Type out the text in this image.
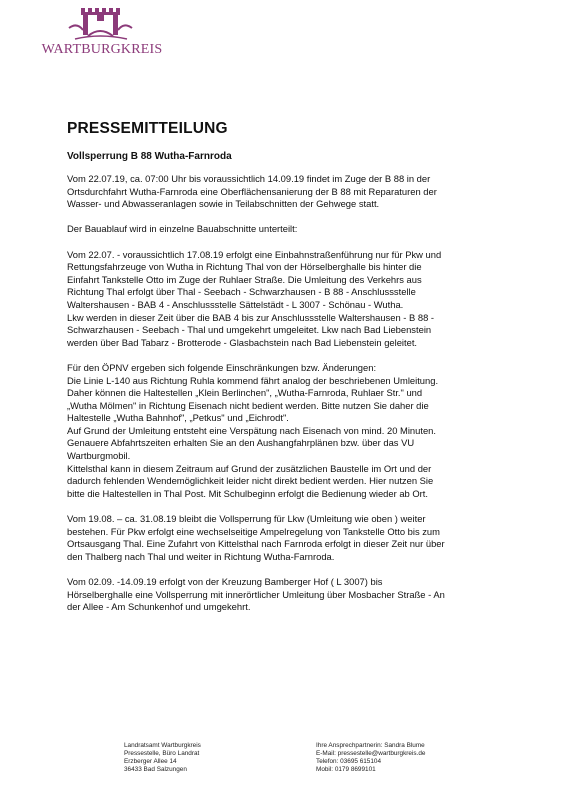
WARTBURGKREIS
PRESSEMITTEILUNG
Vollsperrung B 88 Wutha-Farnroda
Vom 22.07.19, ca. 07:00 Uhr bis voraussichtlich 14.09.19 findet im Zuge der B 88 in der
Ortsdurchfahrt Wutha-Farnroda eine Oberflächensanierung der B 88 mit Reparaturen der
Wasser- und Abwasseranlagen sowie in Teilabschnitten der Gehwege statt.
Der Bauablauf wird in einzelne Bauabschnitte unterteilt:
Vom 22.07. - voraussichtlich 17.08.19 erfolgt eine Einbahnstraßenführung nur für Pkw und
Rettungsfahrzeuge von Wutha in Richtung Thal von der Hörselberghalle bis hinter die
Einfahrt Tankstelle Otto im Zuge der Ruhlaer Straße. Die Umleitung des Verkehrs aus
Richtung Thal erfolgt über Thal - Seebach - Schwarzhausen - B 88 - Anschlussstelle
Waltershausen - BAB 4 - Anschlussstelle Sättelstädt - L 3007 - Schönau - Wutha.
Lkw werden in dieser Zeit über die BAB 4 bis zur Anschlussstelle Waltershausen - B 88 -
Schwarzhausen - Seebach - Thal und umgekehrt umgeleitet. Lkw nach Bad Liebenstein
werden über Bad Tabarz - Brotterode - Glasbachstein nach Bad Liebenstein geleitet.
Für den ÖPNV ergeben sich folgende Einschränkungen bzw. Änderungen:
Die Linie L-140 aus Richtung Ruhla kommend fährt analog der beschriebenen Umleitung.
Daher können die Haltestellen „Klein Berlinchen", „Wutha-Farnroda, Ruhlaer Str." und
„Wutha Mölmen" in Richtung Eisenach nicht bedient werden. Bitte nutzen Sie daher die
Haltestelle „Wutha Bahnhof", „Petkus" und „Eichrodt".
Auf Grund der Umleitung entsteht eine Verspätung nach Eisenach von mind. 20 Minuten.
Genauere Abfahrtszeiten erhalten Sie an den Aushangfahrplänen bzw. über das VU
Wartburgmobil.
Kittelsthal kann in diesem Zeitraum auf Grund der zusätzlichen Baustelle im Ort und der
dadurch fehlenden Wendemöglichkeit leider nicht direkt bedient werden. Hier nutzen Sie
bitte die Haltestellen in Thal Post. Mit Schulbeginn erfolgt die Bedienung wieder ab Ort.
Vom 19.08. – ca. 31.08.19 bleibt die Vollsperrung für Lkw (Umleitung wie oben ) weiter
bestehen. Für Pkw erfolgt eine wechselseitige Ampelregelung von Tankstelle Otto bis zum
Ortsausgang Thal. Eine Zufahrt von Kittelsthal nach Farnroda erfolgt in dieser Zeit nur über
den Thalberg nach Thal und weiter in Richtung Wutha-Farnroda.
Vom 02.09. -14.09.19 erfolgt von der Kreuzung Bamberger Hof ( L 3007) bis
Hörselberghalle eine Vollsperrung mit innerörtlicher Umleitung über Mosbacher Straße - An
der Allee - Am Schunkenhof und umgekehrt.
Landratsamt Wartburgkreis
Pressestelle, Büro Landrat
Erzberger Allee 14
36433 Bad Salzungen
Ihre Ansprechpartnerin: Sandra Blume
E-Mail: pressestelle@wartburgkreis.de
Telefon: 03695 615104
Mobil: 0179 8699101
